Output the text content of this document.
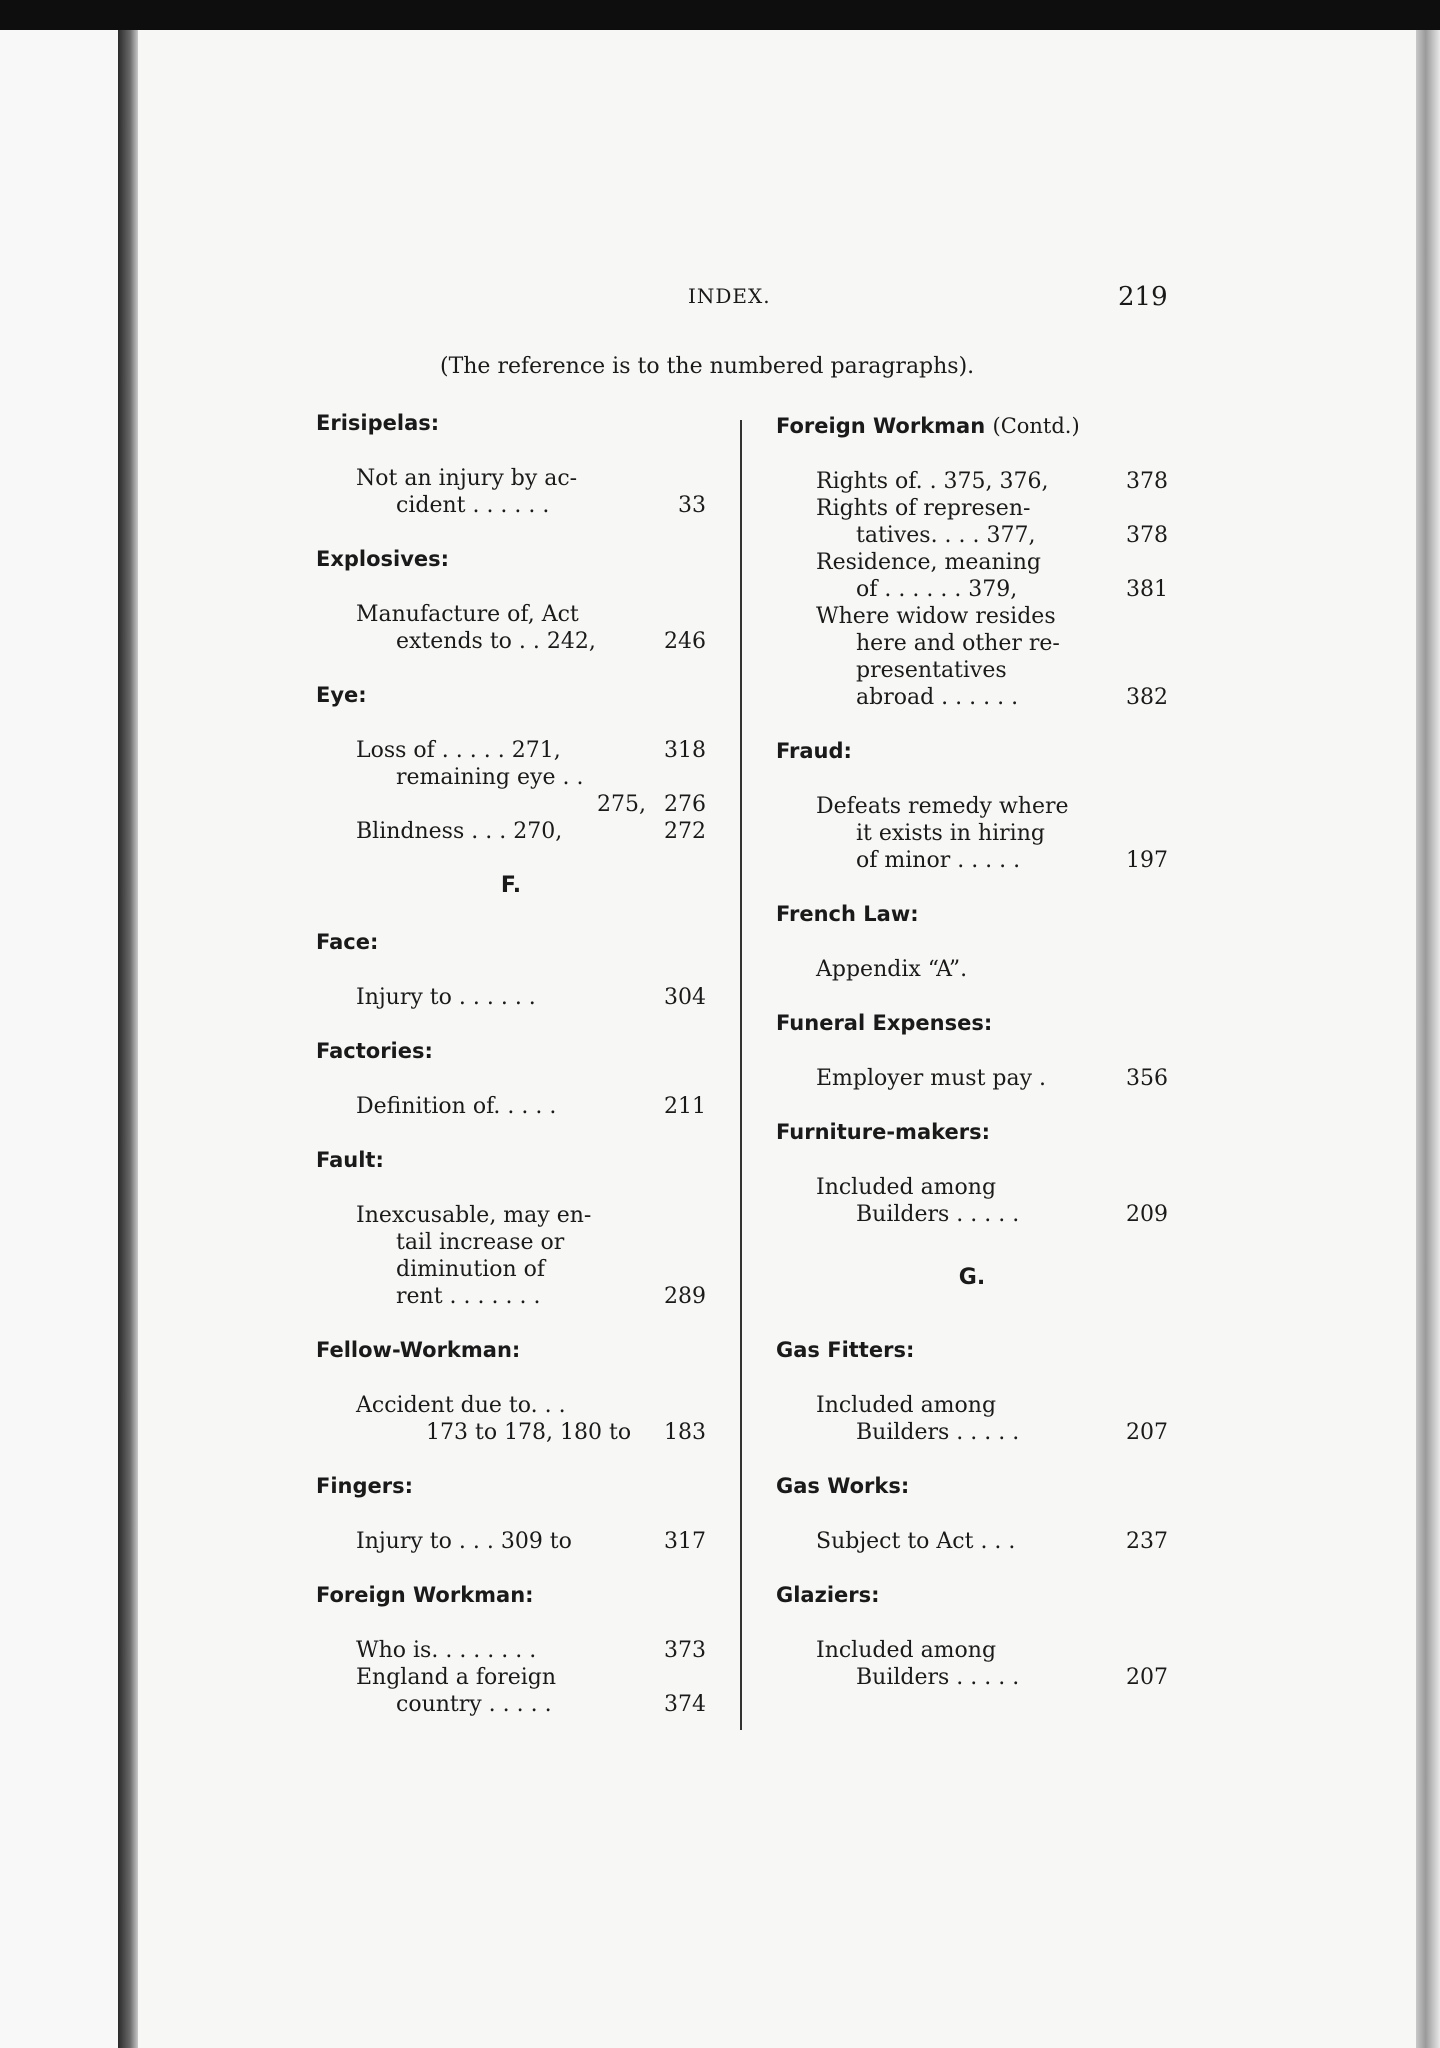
INDEX.	219
(The reference is to the numbered paragraphs).
Erisipelas:
Not an injury by ac-
cident . . . . . .	33
Explosives:
Manufacture of, Act
extends to . . 242,	246
Eye:
Loss of . . . . . 271,	318
remaining eye . .
275, 276
Blindness . . . 270,	272
F.
Face:
Injury to . . . . . .	304
Factories:
Definition of. . . . .	211
Fault:
Inexcusable, may en-
tail increase or
diminution of
rent . . . . . . .	289
Fellow-Workman:
Accident due to. . .
173 to 178, 180 to	183
Fingers:
Injury to . . . 309 to	317
Foreign Workman:
Who is. . . . . . . .	373
England a foreign
country . . . . .	374
Foreign Workman (Contd.)
Rights of. . 375, 376,	378
Rights of represen-
tatives. . . . 377,	378
Residence, meaning
of . . . . . . 379,	381
Where widow resides
here and other re-
presentatives
abroad . . . . . .	382
Fraud:
Defeats remedy where
it exists in hiring
of minor . . . . .	197
French Law:
Appendix “A”.
Funeral Expenses:
Employer must pay .	356
Furniture-makers:
Included among
Builders . . . . .	209
G.
Gas Fitters:
Included among
Builders . . . . .	207
Gas Works:
Subject to Act . . .	237
Glaziers:
Included among
Builders . . . . .	207
